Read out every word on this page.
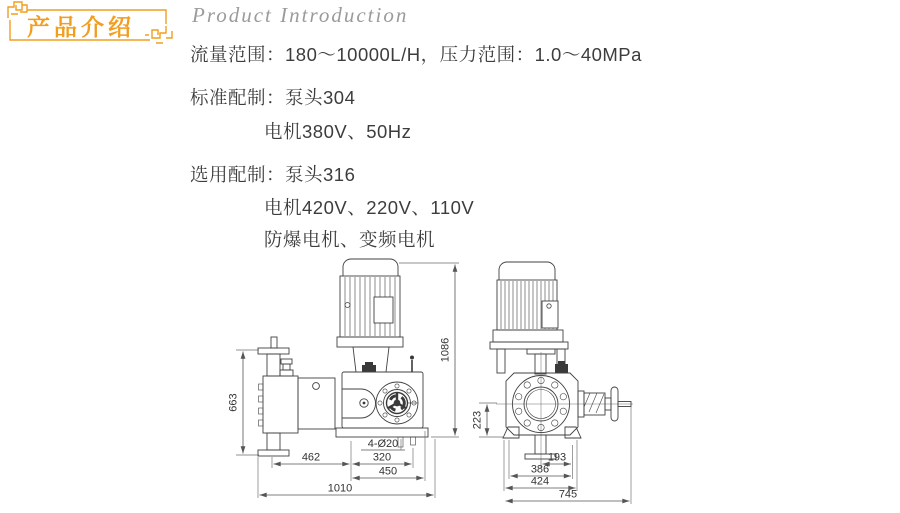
产品介绍	Product Introduction
流量范围：180～10000L/H，压力范围：1.0～40MPa
标准配制：泵头304
电机380V、50Hz
选用配制：泵头316
电机420V、220V、110V
防爆电机、变频电机
663
1086
462	320
450
1010
4-Ø20
223
193
386
424
745
